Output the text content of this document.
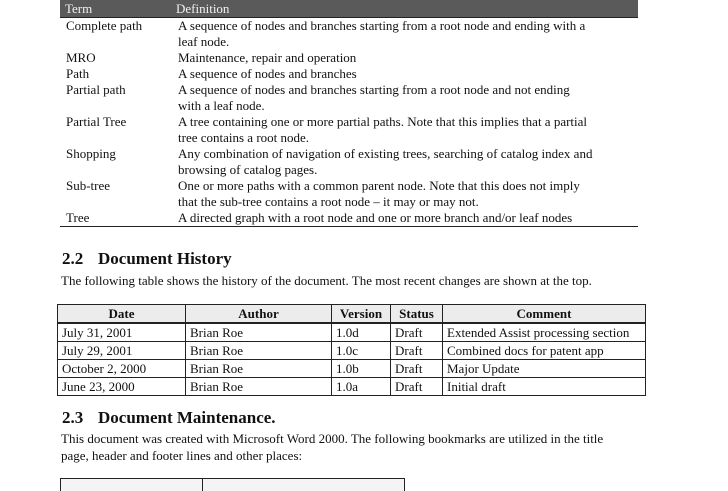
Term	Definition
Complete path	A sequence of nodes and branches starting from a root node and ending with a
leaf node.
MRO	Maintenance, repair and operation
Path	A sequence of nodes and branches
Partial path	A sequence of nodes and branches starting from a root node and not ending
with a leaf node.
Partial Tree	A tree containing one or more partial paths. Note that this implies that a partial
tree contains a root node.
Shopping	Any combination of navigation of existing trees, searching of catalog index and
browsing of catalog pages.
Sub-tree	One or more paths with a common parent node. Note that this does not imply
that the sub-tree contains a root node – it may or may not.
Tree	A directed graph with a root node and one or more branch and/or leaf nodes
2.2 Document History

The following table shows the history of the document. The most recent changes are shown at the top.

Date	Author	Version	Status	Comment
July 31, 2001	Brian Roe	1.0d	Draft	Extended Assist processing section
July 29, 2001	Brian Roe	1.0c	Draft	Combined docs for patent app
October 2, 2000	Brian Roe	1.0b	Draft	Major Update
June 23, 2000	Brian Roe	1.0a	Draft	Initial draft
2.3 Document Maintenance.

This document was created with Microsoft Word 2000. The following bookmarks are utilized in the title

page, header and footer lines and other places:
